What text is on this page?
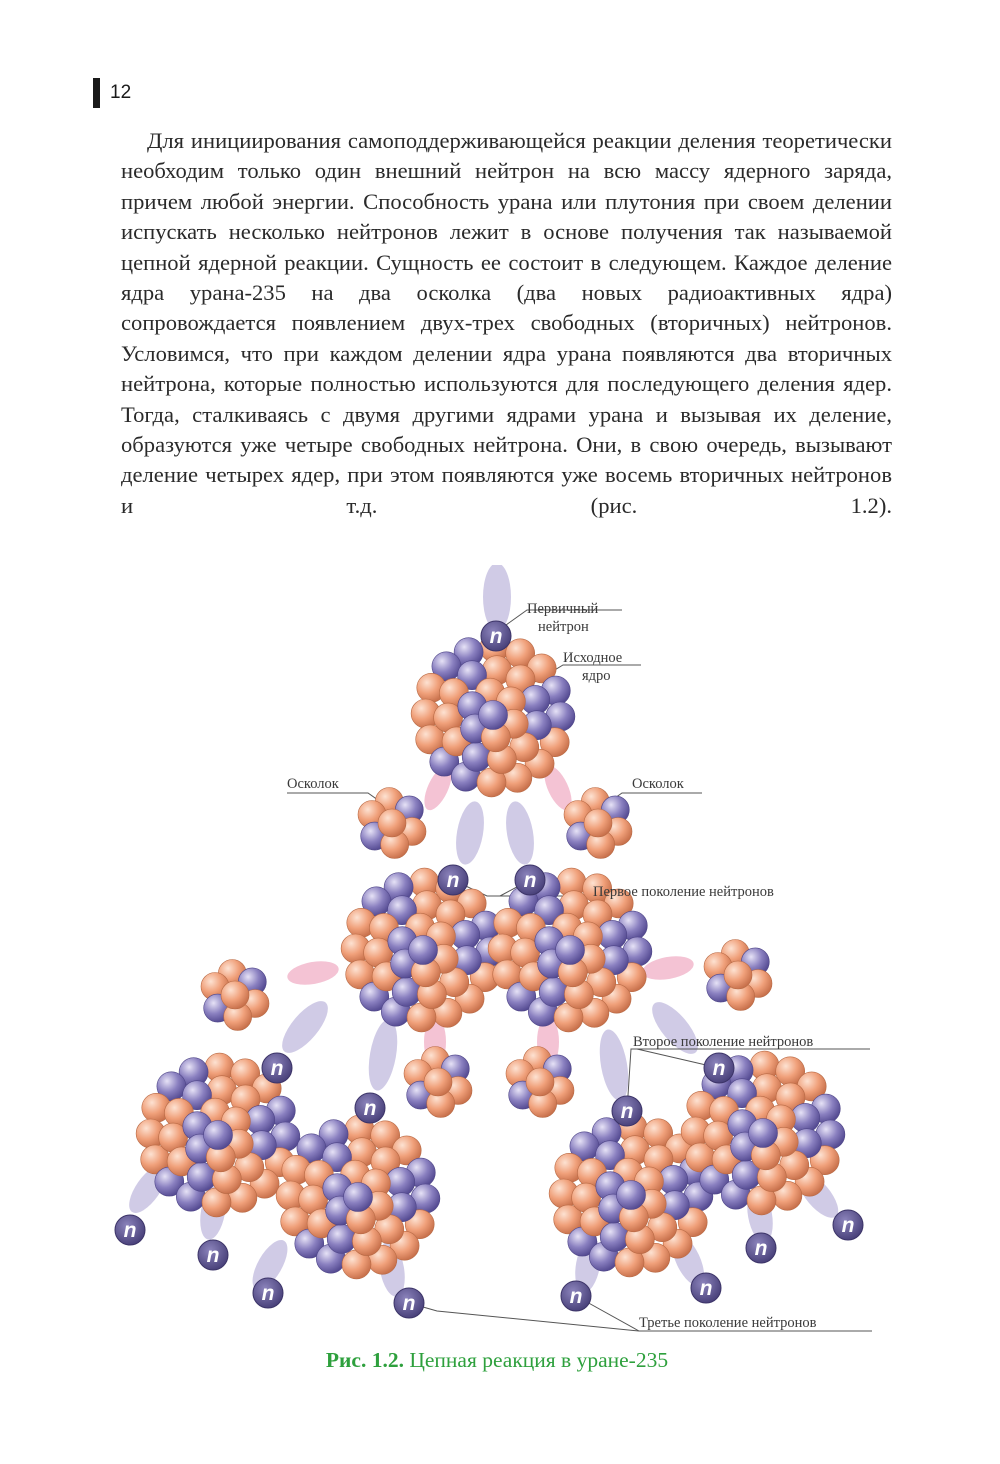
12

Для инициирования самоподдерживающейся реакции деления теоретически необходим только один внешний нейтрон на всю массу ядерного заряда, причем любой энергии. Способность урана или плутония при своем делении испускать несколько нейтронов лежит в основе получения так называемой цепной ядерной реакции. Сущность ее состоит в следующем. Каждое деление ядра урана-235 на два осколка (два новых радиоактивных ядра) сопровождается появлением двух-трех свободных (вторичных) нейтронов. Условимся, что при каждом делении ядра урана появляются два вторичных нейтрона, которые полностью используются для последующего деления ядер. Тогда, сталкиваясь с двумя другими ядрами урана и вызывая их деление, образуются уже четыре свободных нейтрона. Они, в свою очередь, вызывают деление четырех ядер, при этом появляются уже восемь вторичных нейтронов и т.д. (рис. 1.2).

n
n	n
n
n	n
n
n
n
n	n	n	n
n
n
Первичный
нейтрон
Исходное
ядро
Осколок	Осколок
Первое поколение нейтронов
Второе поколение нейтронов
Третье поколение нейтронов
Рис. 1.2. Цепная реакция в уране-235
